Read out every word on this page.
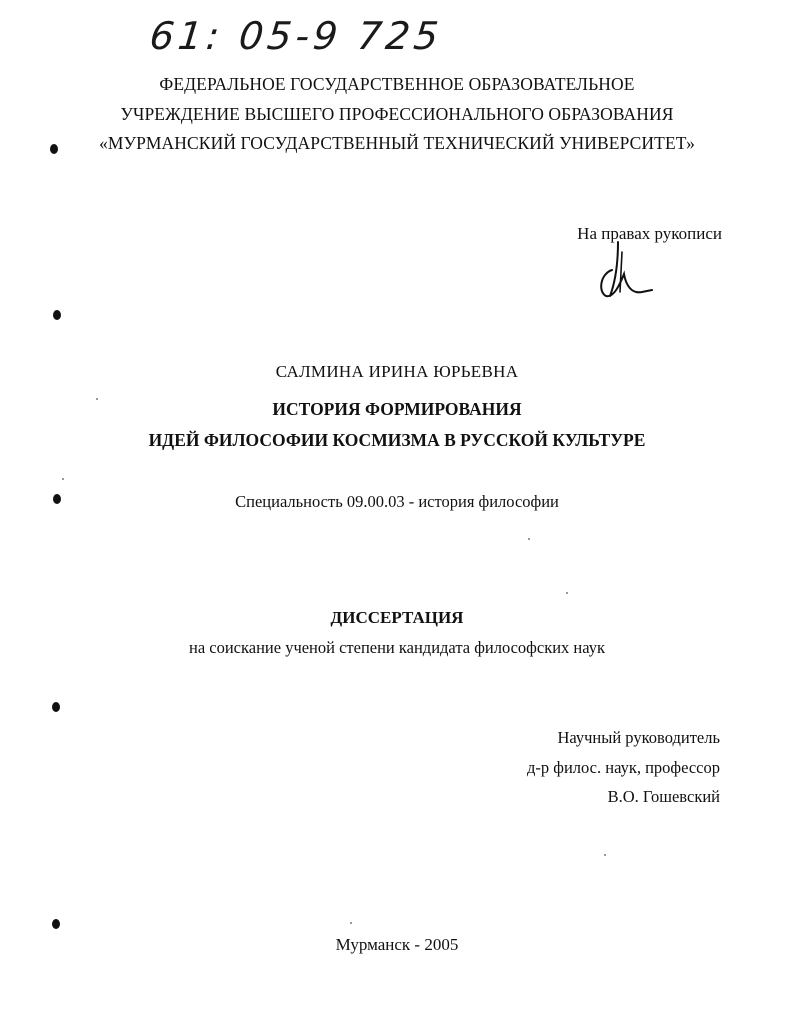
61: 05-9 725
ФЕДЕРАЛЬНОЕ ГОСУДАРСТВЕННОЕ ОБРАЗОВАТЕЛЬНОЕ
УЧРЕЖДЕНИЕ ВЫСШЕГО ПРОФЕССИОНАЛЬНОГО ОБРАЗОВАНИЯ
«МУРМАНСКИЙ ГОСУДАРСТВЕННЫЙ ТЕХНИЧЕСКИЙ УНИВЕРСИТЕТ»
На правах рукописи
САЛМИНА ИРИНА ЮРЬЕВНА
ИСТОРИЯ ФОРМИРОВАНИЯ
ИДЕЙ ФИЛОСОФИИ КОСМИЗМА В РУССКОЙ КУЛЬТУРЕ
Специальность 09.00.03 - история философии
ДИССЕРТАЦИЯ
на соискание ученой степени кандидата философских наук
Научный руководитель
д-р филос. наук, профессор
В.О. Гошевский
Мурманск - 2005
